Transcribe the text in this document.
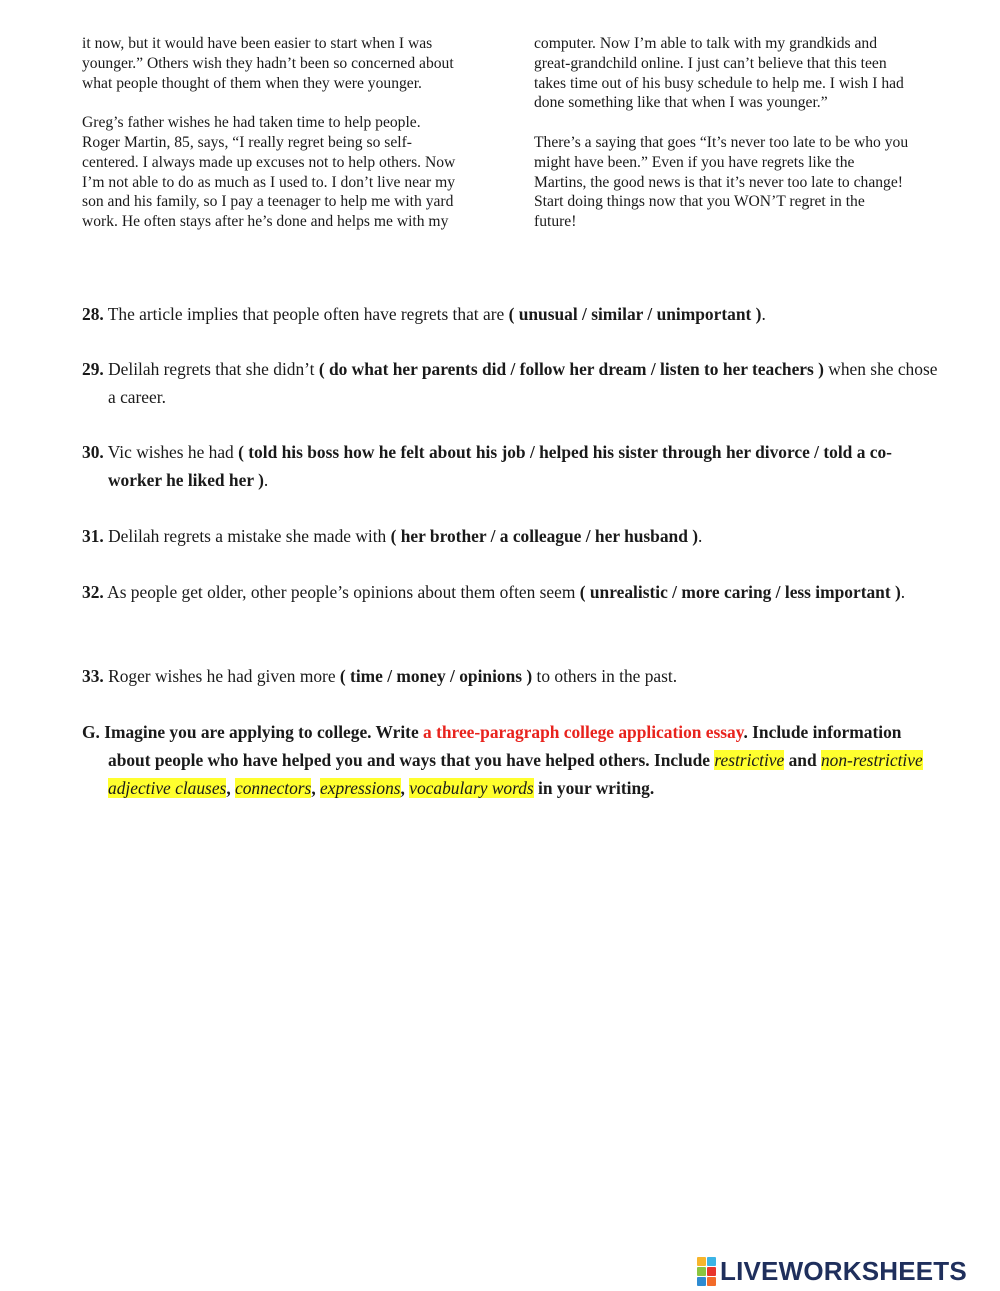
it now, but it would have been easier to start when I was younger.” Others wish they hadn’t been so concerned about what people thought of them when they were younger.

Greg’s father wishes he had taken time to help people. Roger Martin, 85, says, “I really regret being so self-centered. I always made up excuses not to help others. Now I’m not able to do as much as I used to. I don’t live near my son and his family, so I pay a teenager to help me with yard work. He often stays after he’s done and helps me with my

computer. Now I’m able to talk with my grandkids and great-grandchild online. I just can’t believe that this teen takes time out of his busy schedule to help me. I wish I had done something like that when I was younger.”

There’s a saying that goes “It’s never too late to be who you might have been.” Even if you have regrets like the Martins, the good news is that it’s never too late to change! Start doing things now that you WON’T regret in the future!

28. The article implies that people often have regrets that are ( unusual / similar / unimportant ).

29. Delilah regrets that she didn’t ( do what her parents did / follow her dream / listen to her teachers ) when she chose a career.

30. Vic wishes he had ( told his boss how he felt about his job / helped his sister through her divorce / told a co-worker he liked her ).

31. Delilah regrets a mistake she made with ( her brother / a colleague / her husband ).

32. As people get older, other people’s opinions about them often seem ( unrealistic / more caring / less important ).

33. Roger wishes he had given more ( time / money / opinions ) to others in the past.

G. Imagine you are applying to college. Write a three-paragraph college application essay. Include information about people who have helped you and ways that you have helped others. Include restrictive and non-restrictive adjective clauses, connectors, expressions, vocabulary words in your writing.

LIVEWORKSHEETS
